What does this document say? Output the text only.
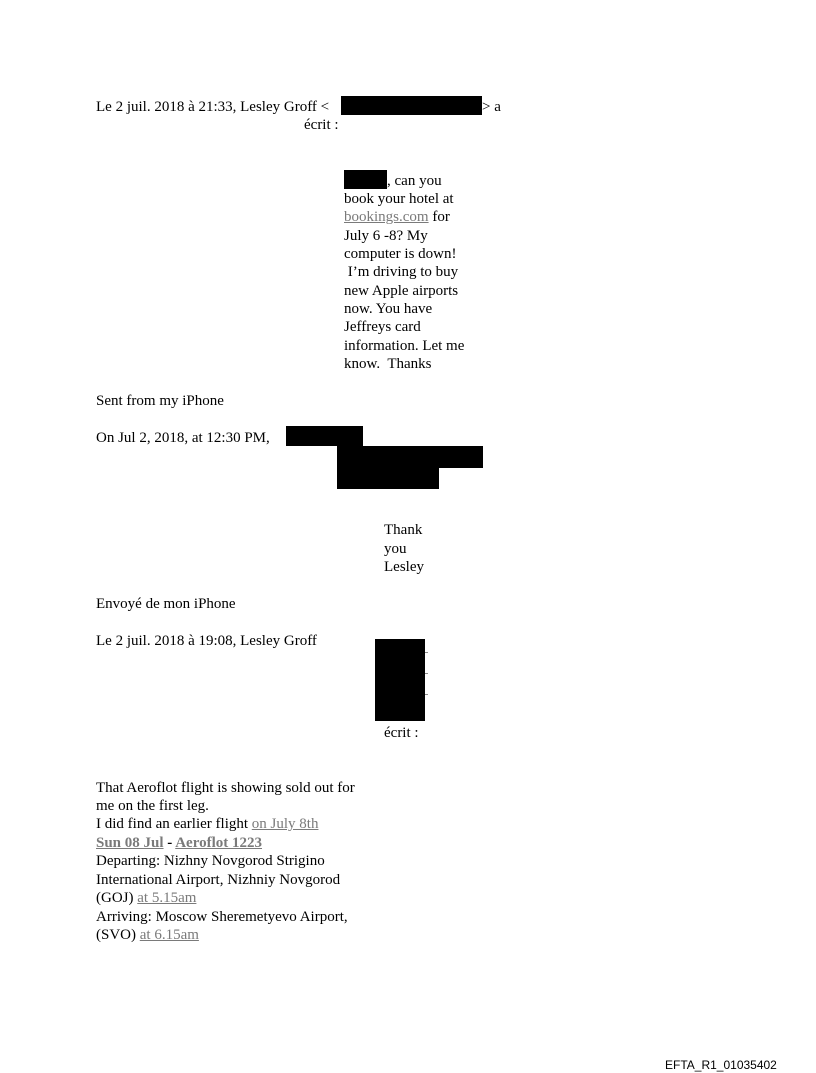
Le 2 juil. 2018 à 21:33, Lesley Groff <	> a
écrit :
, can you
book your hotel at
bookings.com for
July 6 -8? My
computer is down!
I’m driving to buy
new Apple airports
now. You have
Jeffreys card
information. Let me
know.  Thanks
Sent from my iPhone
On Jul 2, 2018, at 12:30 PM,
Thank
you
Lesley
Envoyé de mon iPhone
Le 2 juil. 2018 à 19:08, Lesley Groff
écrit :
That Aeroflot flight is showing sold out for
me on the first leg.
I did find an earlier flight on July 8th
Sun 08 Jul - Aeroflot 1223
Departing: Nizhny Novgorod Strigino
International Airport, Nizhniy Novgorod
(GOJ) at 5.15am
Arriving: Moscow Sheremetyevo Airport,
(SVO) at 6.15am
EFTA_R1_01035402
